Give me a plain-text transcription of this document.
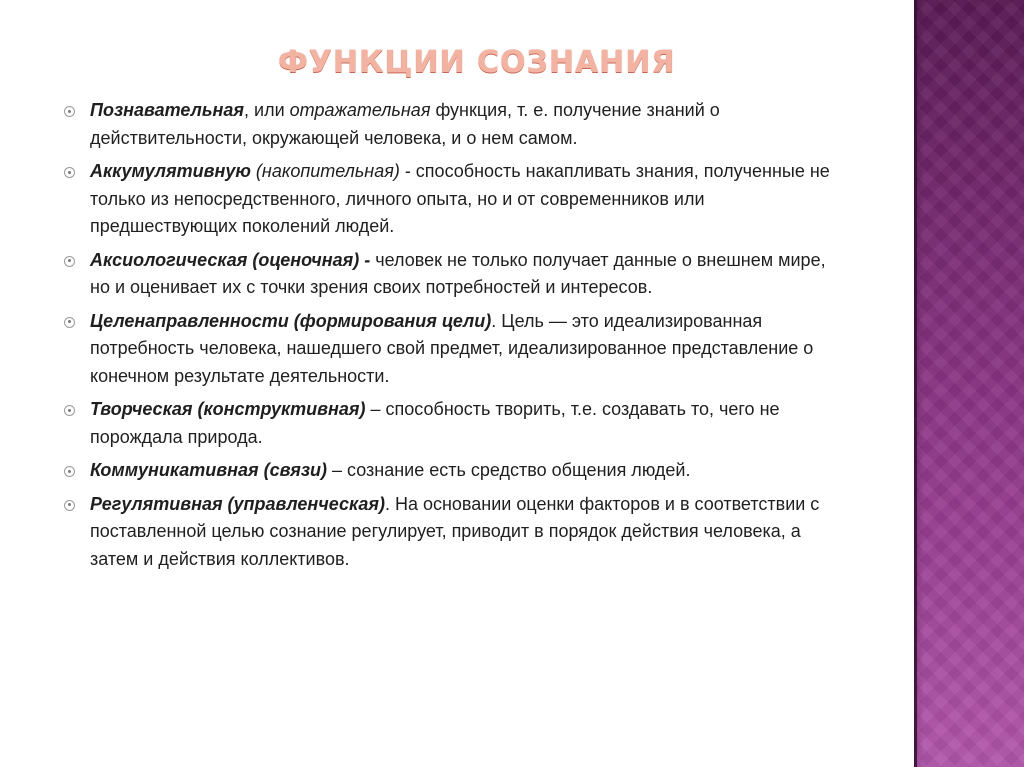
ФУНКЦИИ СОЗНАНИЯ
Познавательная, или отражательная функция, т. е. получение знаний о действительности, окружающей человека, и о нем самом.
Аккумулятивную (накопительная) - способность накапливать знания, полученные не только из непосредственного, личного опыта, но и от современников или предшествующих поколений людей.
Аксиологическая (оценочная) - человек не только получает данные о внешнем мире, но и оценивает их с точки зрения своих потребностей и интересов.
Целенаправленности (формирования цели). Цель — это идеализированная потребность человека, нашедшего свой предмет, идеализированное представление о конечном результате деятельности.
Творческая (конструктивная) – способность творить, т.е. создавать то, чего не порождала природа.
Коммуникативная (связи) – сознание есть средство общения людей.
Регулятивная (управленческая). На основании оценки факторов и в соответствии с поставленной целью сознание регулирует, приводит в порядок действия человека, а затем и действия коллективов.
